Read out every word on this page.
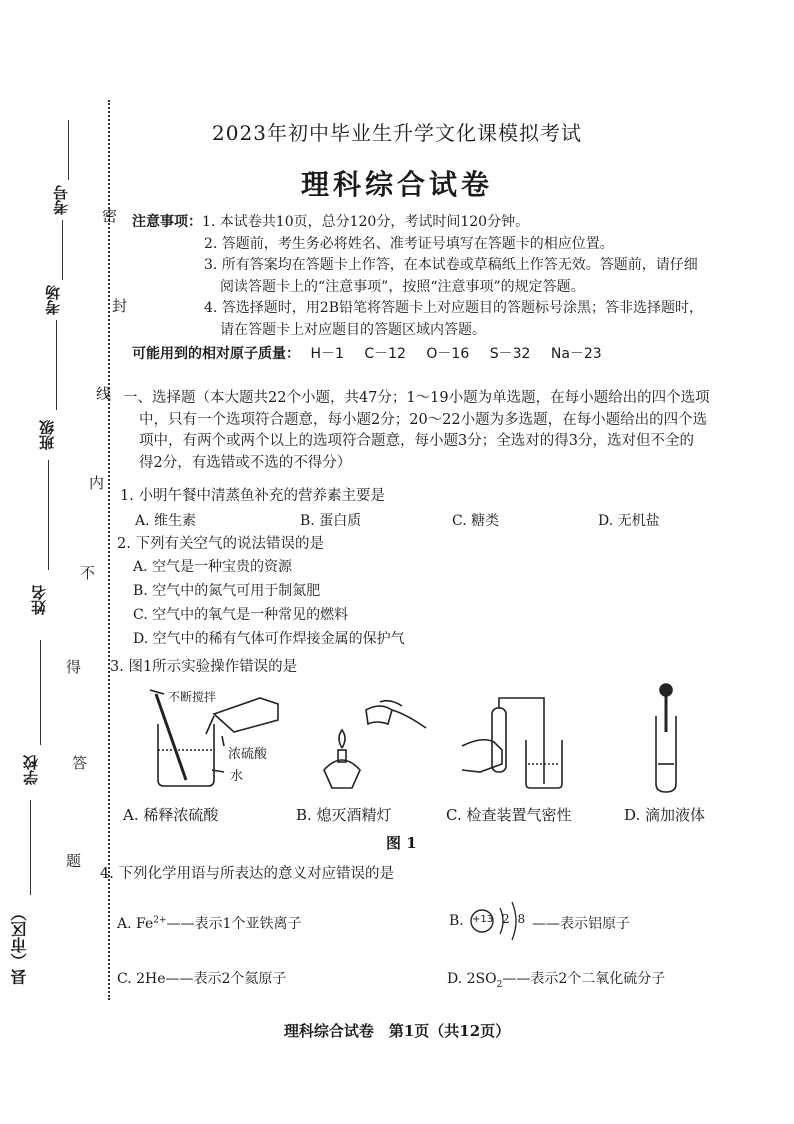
考号
考场
班级
姓名
学校
县（市区）
密
封
线
内
不
得
答
题
2023年初中毕业生升学文化课模拟考试
理科综合试卷
注意事项：1. 本试卷共10页，总分120分，考试时间120分钟。
2. 答题前，考生务必将姓名、准考证号填写在答题卡的相应位置。
3. 所有答案均在答题卡上作答，在本试卷或草稿纸上作答无效。答题前，请仔细
阅读答题卡上的“注意事项”，按照“注意事项”的规定答题。
4. 答选择题时，用2B铅笔将答题卡上对应题目的答题标号涂黑；答非选择题时，
请在答题卡上对应题目的答题区域内答题。
可能用到的相对原子质量： H－1 C－12 O－16 S－32 Na－23
一、选择题（本大题共22个小题，共47分；1～19小题为单选题，在每小题给出的四个选项
中，只有一个选项符合题意，每小题2分；20～22小题为多选题，在每小题给出的四个选
项中，有两个或两个以上的选项符合题意，每小题3分；全选对的得3分，选对但不全的
得2分，有选错或不选的不得分）
1. 小明午餐中清蒸鱼补充的营养素主要是
A. 维生素	B. 蛋白质	C. 糖类	D. 无机盐
2. 下列有关空气的说法错误的是
A. 空气是一种宝贵的资源
B. 空气中的氮气可用于制氮肥
C. 空气中的氧气是一种常见的燃料
D. 空气中的稀有气体可作焊接金属的保护气
3. 图1所示实验操作错误的是
不断搅拌
浓硫酸
水
A. 稀释浓硫酸	B. 熄灭酒精灯	C. 检查装置气密性	D. 滴加液体
图 1
4. 下列化学用语与所表达的意义对应错误的是
A. $Fe^{2+}——$表示1个亚铁离子	B. +13 2 8 ——表示铝原子
C. 2He——表示2个氦原子	D. $2SO_2——$表示2个二氧化硫分子
理科综合试卷　第1页（共12页）
